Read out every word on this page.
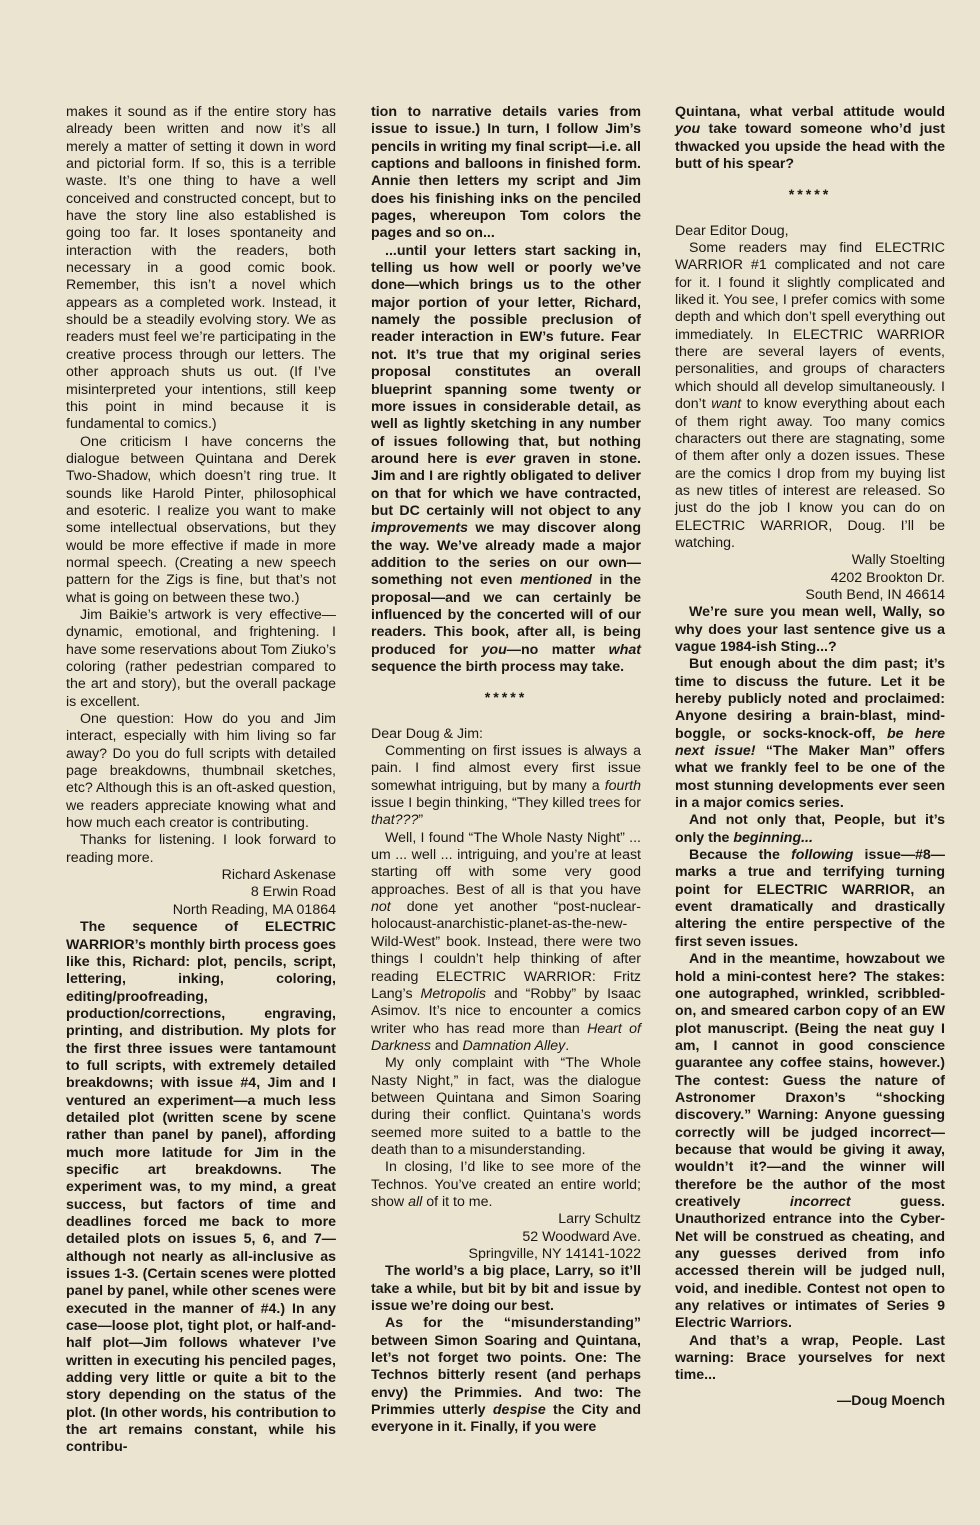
makes it sound as if the entire story has already been written and now it’s all merely a matter of setting it down in word and pictorial form. If so, this is a terrible waste. It’s one thing to have a well conceived and constructed concept, but to have the story line also established is going too far. It loses spontaneity and interaction with the readers, both necessary in a good comic book. Remember, this isn’t a novel which appears as a completed work. Instead, it should be a steadily evolving story. We as readers must feel we’re participating in the creative process through our letters. The other approach shuts us out. (If I’ve misinterpreted your intentions, still keep this point in mind because it is fundamental to comics.)

One criticism I have concerns the dialogue between Quintana and Derek Two-Shadow, which doesn’t ring true. It sounds like Harold Pinter, philosophical and esoteric. I realize you want to make some intellectual observations, but they would be more effective if made in more normal speech. (Creating a new speech pattern for the Zigs is fine, but that’s not what is going on between these two.)

Jim Baikie’s artwork is very effective—dynamic, emotional, and frightening. I have some reservations about Tom Ziuko’s coloring (rather pedestrian compared to the art and story), but the overall package is excellent.

One question: How do you and Jim interact, especially with him living so far away? Do you do full scripts with detailed page breakdowns, thumbnail sketches, etc? Although this is an oft-asked question, we readers appreciate knowing what and how much each creator is contributing.

Thanks for listening. I look forward to reading more.

Richard Askenase

8 Erwin Road

North Reading, MA 01864

The sequence of ELECTRIC WARRIOR’s monthly birth process goes like this, Richard: plot, pencils, script, lettering, inking, coloring, editing/proofreading, production/corrections, engraving, printing, and distribution. My plots for the first three issues were tantamount to full scripts, with extremely detailed breakdowns; with issue #4, Jim and I ventured an experiment—a much less detailed plot (written scene by scene rather than panel by panel), affording much more latitude for Jim in the specific art breakdowns. The experiment was, to my mind, a great success, but factors of time and deadlines forced me back to more detailed plots on issues 5, 6, and 7—although not nearly as all-inclusive as issues 1-3. (Certain scenes were plotted panel by panel, while other scenes were executed in the manner of #4.) In any case—loose plot, tight plot, or half-and-half plot—Jim follows whatever I’ve written in executing his penciled pages, adding very little or quite a bit to the story depending on the status of the plot. (In other words, his contribution to the art remains constant, while his contribu-

tion to narrative details varies from issue to issue.) In turn, I follow Jim’s pencils in writing my final script—i.e. all captions and balloons in finished form. Annie then letters my script and Jim does his finishing inks on the penciled pages, whereupon Tom colors the pages and so on...

...until your letters start sacking in, telling us how well or poorly we’ve done—which brings us to the other major portion of your letter, Richard, namely the possible preclusion of reader interaction in EW’s future. Fear not. It’s true that my original series proposal constitutes an overall blueprint spanning some twenty or more issues in considerable detail, as well as lightly sketching in any number of issues following that, but nothing around here is ever graven in stone. Jim and I are rightly obligated to deliver on that for which we have contracted, but DC certainly will not object to any improvements we may discover along the way. We’ve already made a major addition to the series on our own—something not even mentioned in the proposal—and we can certainly be influenced by the concerted will of our readers. This book, after all, is being produced for you—no matter what sequence the birth process may take.

*****

Dear Doug & Jim:

Commenting on first issues is always a pain. I find almost every first issue somewhat intriguing, but by many a fourth issue I begin thinking, “They killed trees for that???”

Well, I found “The Whole Nasty Night” ... um ... well ... intriguing, and you’re at least starting off with some very good approaches. Best of all is that you have not done yet another “post-nuclear-holocaust-anarchistic-planet-as-the-new-Wild-West” book. Instead, there were two things I couldn’t help thinking of after reading ELECTRIC WARRIOR: Fritz Lang’s Metropolis and “Robby” by Isaac Asimov. It’s nice to encounter a comics writer who has read more than Heart of Darkness and Damnation Alley.

My only complaint with “The Whole Nasty Night,” in fact, was the dialogue between Quintana and Simon Soaring during their conflict. Quintana’s words seemed more suited to a battle to the death than to a misunderstanding.

In closing, I’d like to see more of the Technos. You’ve created an entire world; show all of it to me.

Larry Schultz

52 Woodward Ave.

Springville, NY 14141-1022

The world’s a big place, Larry, so it’ll take a while, but bit by bit and issue by issue we’re doing our best.

As for the “misunderstanding” between Simon Soaring and Quintana, let’s not forget two points. One: The Technos bitterly resent (and perhaps envy) the Primmies. And two: The Primmies utterly despise the City and everyone in it. Finally, if you were

Quintana, what verbal attitude would you take toward someone who’d just thwacked you upside the head with the butt of his spear?

*****

Dear Editor Doug,

Some readers may find ELECTRIC WARRIOR #1 complicated and not care for it. I found it slightly complicated and liked it. You see, I prefer comics with some depth and which don’t spell everything out immediately. In ELECTRIC WARRIOR there are several layers of events, personalities, and groups of characters which should all develop simultaneously. I don’t want to know everything about each of them right away. Too many comics characters out there are stagnating, some of them after only a dozen issues. These are the comics I drop from my buying list as new titles of interest are released. So just do the job I know you can do on ELECTRIC WARRIOR, Doug. I’ll be watching.

Wally Stoelting

4202 Brookton Dr.

South Bend, IN 46614

We’re sure you mean well, Wally, so why does your last sentence give us a vague 1984-ish Sting...?

But enough about the dim past; it’s time to discuss the future. Let it be hereby publicly noted and proclaimed: Anyone desiring a brain-blast, mind-boggle, or socks-knock-off, be here next issue! “The Maker Man” offers what we frankly feel to be one of the most stunning developments ever seen in a major comics series.

And not only that, People, but it’s only the beginning...

Because the following issue—#8—marks a true and terrifying turning point for ELECTRIC WARRIOR, an event dramatically and drastically altering the entire perspective of the first seven issues.

And in the meantime, howzabout we hold a mini-contest here? The stakes: one autographed, wrinkled, scribbled-on, and smeared carbon copy of an EW plot manuscript. (Being the neat guy I am, I cannot in good conscience guarantee any coffee stains, however.) The contest: Guess the nature of Astronomer Draxon’s “shocking discovery.” Warning: Anyone guessing correctly will be judged incorrect—because that would be giving it away, wouldn’t it?—and the winner will therefore be the author of the most creatively incorrect guess. Unauthorized entrance into the Cyber-Net will be construed as cheating, and any guesses derived from info accessed therein will be judged null, void, and inedible. Contest not open to any relatives or intimates of Series 9 Electric Warriors.

And that’s a wrap, People. Last warning: Brace yourselves for next time...

—Doug Moench
